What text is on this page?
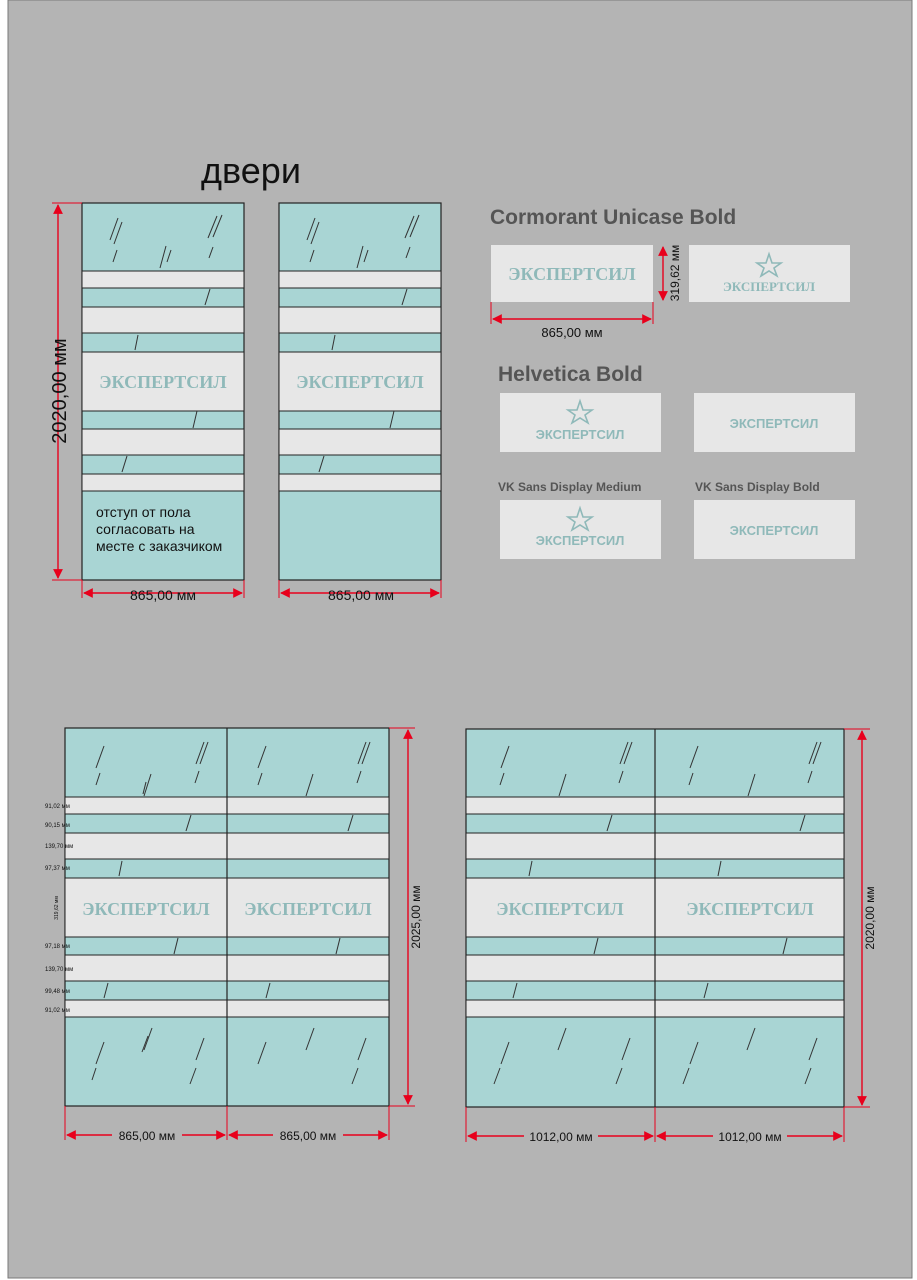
двери
ЭКСПЕРТСИЛ
отступ от пола
согласовать на
месте с заказчиком
ЭКСПЕРТСИЛ
2020,00 мм
865,00 мм	865,00 мм
Cormorant Unicase Bold
ЭКСПЕРТСИЛ
ЭКСПЕРТСИЛ
865,00 мм
319,62 мм
Helvetica Bold
ЭКСПЕРТСИЛ
ЭКСПЕРТСИЛ
VK Sans Display Medium	VK Sans Display Bold
ЭКСПЕРТСИЛ
ЭКСПЕРТСИЛ
ЭКСПЕРТСИЛ ЭКСПЕРТСИЛ
91,02 мм
90,15 мм
139,70 мм
97,37 мм
319,62 мм
97,18 мм
139,70 мм
99,48 мм
91,02 мм
2025,00 мм
865,00 мм	865,00 мм
ЭКСПЕРТСИЛ	ЭКСПЕРТСИЛ	2020,00 мм
1012,00 мм	1012,00 мм
